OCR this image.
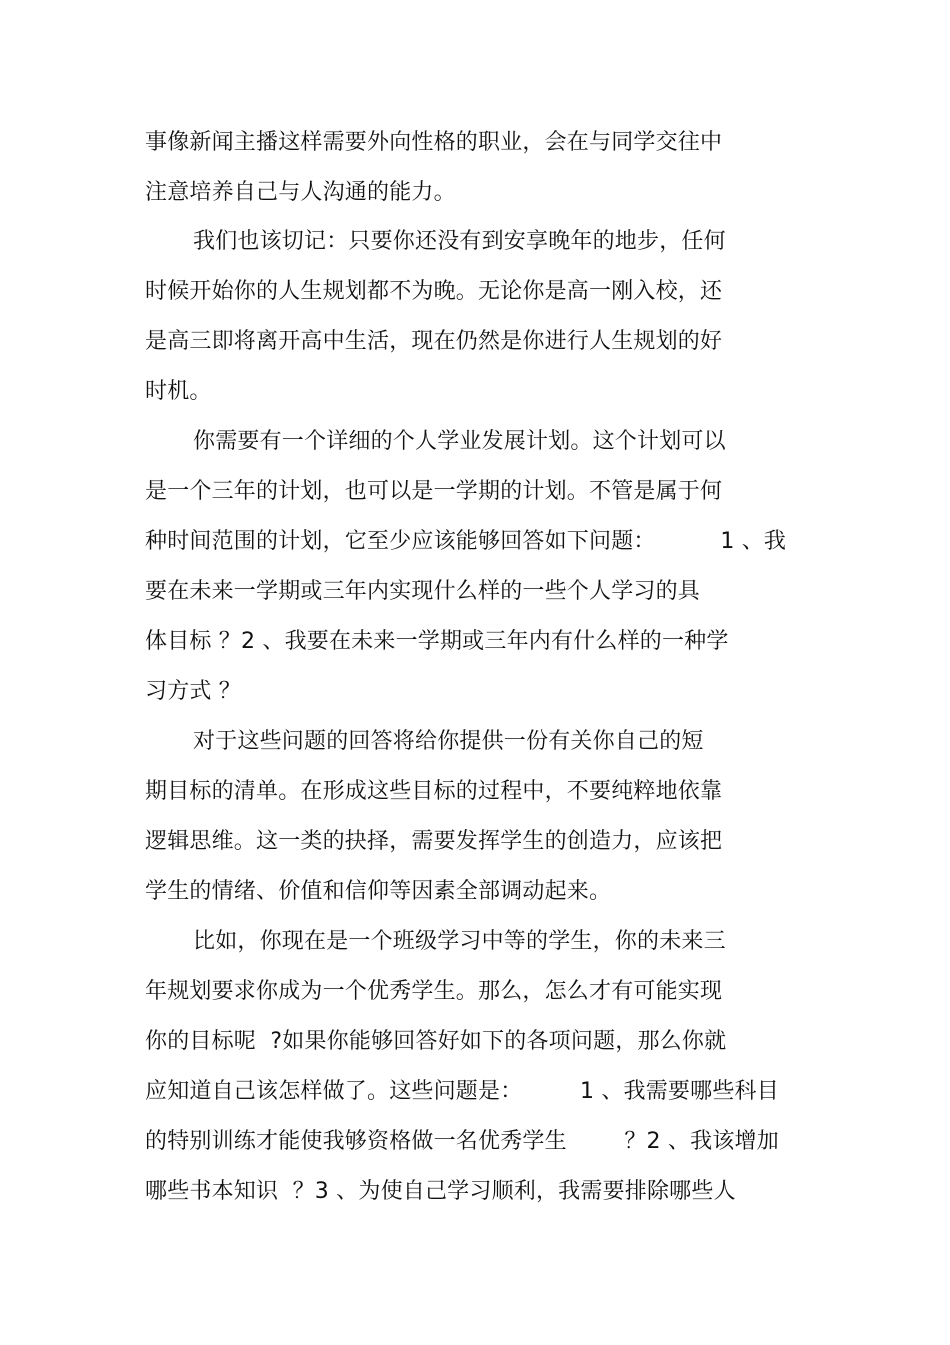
事像新闻主播这样需要外向性格的职业，会在与同学交往中
注意培养自己与人沟通的能力。
我们也该切记：只要你还没有到安享晚年的地步，任何
时候开始你的人生规划都不为晚。无论你是高一刚入校，还
是高三即将离开高中生活，现在仍然是你进行人生规划的好
时机。
你需要有一个详细的个人学业发展计划。这个计划可以
是一个三年的计划，也可以是一学期的计划。不管是属于何
种时间范围的计划，它至少应该能够回答如下问题：         1 、我
要在未来一学期或三年内实现什么样的一些个人学习的具
体目标 ？2 、我要在未来一学期或三年内有什么样的一种学
习方式 ？
对于这些问题的回答将给你提供一份有关你自己的短
期目标的清单。在形成这些目标的过程中，不要纯粹地依靠
逻辑思维。这一类的抉择，需要发挥学生的创造力，应该把
学生的情绪、价值和信仰等因素全部调动起来。
比如，你现在是一个班级学习中等的学生，你的未来三
年规划要求你成为一个优秀学生。那么，怎么才有可能实现
你的目标呢  ?如果你能够回答好如下的各项问题，那么你就
应知道自己该怎样做了。这些问题是：        1 、我需要哪些科目
的特别训练才能使我够资格做一名优秀学生        ？2 、我该增加
哪些书本知识  ？3 、为使自己学习顺利，我需要排除哪些人
